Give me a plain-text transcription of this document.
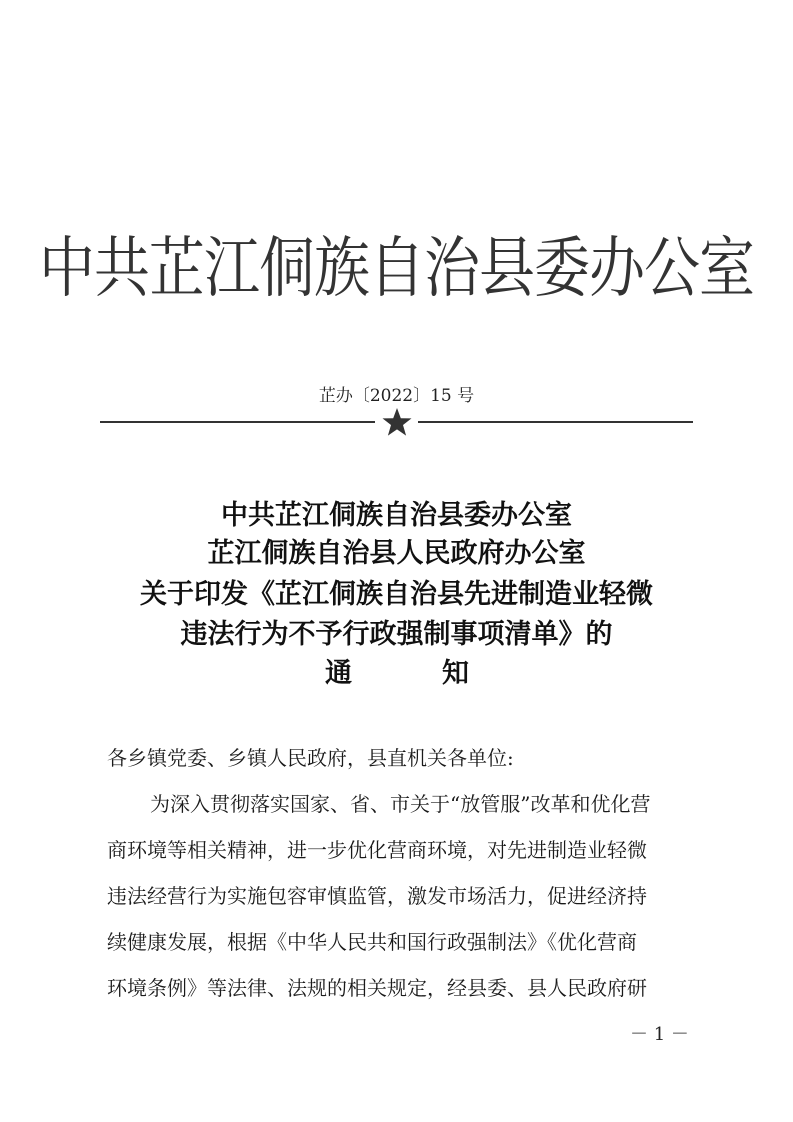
中共芷江侗族自治县委办公室
芷办〔2022〕15 号
中共芷江侗族自治县委办公室
芷江侗族自治县人民政府办公室
关于印发《芷江侗族自治县先进制造业轻微
违法行为不予行政强制事项清单》的
通知
各乡镇党委、乡镇人民政府，县直机关各单位:
为深入贯彻落实国家、省、市关于“放管服”改革和优化营
商环境等相关精神，进一步优化营商环境，对先进制造业轻微
违法经营行为实施包容审慎监管，激发市场活力，促进经济持
续健康发展，根据《中华人民共和国行政强制法》《优化营商
环境条例》等法律、法规的相关规定，经县委、县人民政府研
－ 1 －
